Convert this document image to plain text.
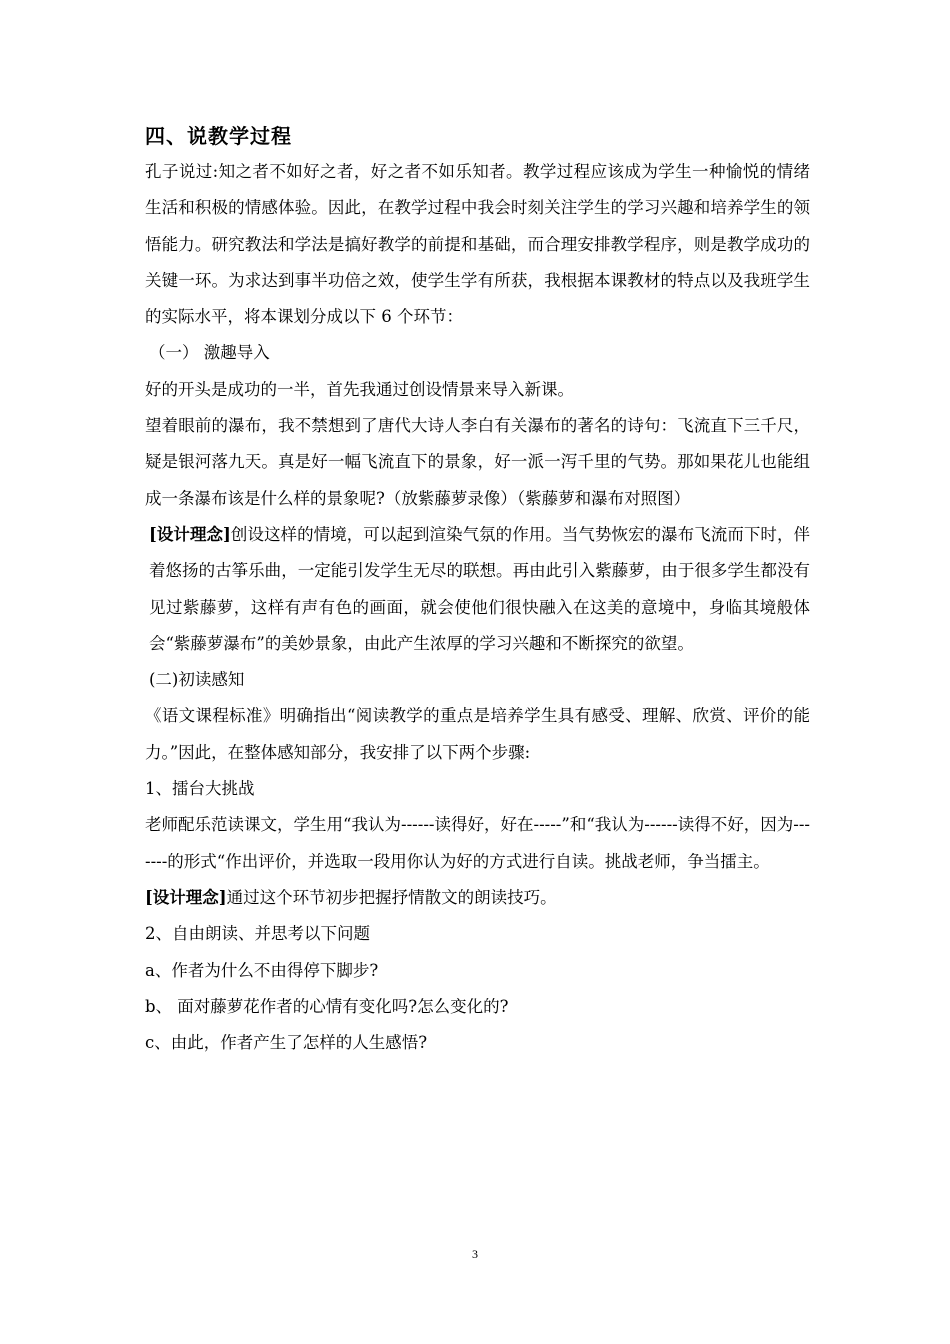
四、说教学过程

孔子说过:知之者不如好之者，好之者不如乐知者。教学过程应该成为学生一种愉悦的情绪生活和积极的情感体验。因此，在教学过程中我会时刻关注学生的学习兴趣和培养学生的领悟能力。研究教法和学法是搞好教学的前提和基础，而合理安排教学程序，则是教学成功的关键一环。为求达到事半功倍之效，使学生学有所获，我根据本课教材的特点以及我班学生的实际水平，将本课划分成以下 6 个环节：

（一） 激趣导入

好的开头是成功的一半，首先我通过创设情景来导入新课。

望着眼前的瀑布，我不禁想到了唐代大诗人李白有关瀑布的著名的诗句：飞流直下三千尺，疑是银河落九天。真是好一幅飞流直下的景象，好一派一泻千里的气势。那如果花儿也能组成一条瀑布该是什么样的景象呢?（放紫藤萝录像）（紫藤萝和瀑布对照图）

[设计理念]创设这样的情境，可以起到渲染气氛的作用。当气势恢宏的瀑布飞流而下时，伴着悠扬的古筝乐曲，一定能引发学生无尽的联想。再由此引入紫藤萝，由于很多学生都没有见过紫藤萝，这样有声有色的画面，就会使他们很快融入在这美的意境中，身临其境般体会“紫藤萝瀑布”的美妙景象，由此产生浓厚的学习兴趣和不断探究的欲望。

(二)初读感知

《语文课程标准》明确指出“阅读教学的重点是培养学生具有感受、理解、欣赏、评价的能力。”因此，在整体感知部分，我安排了以下两个步骤:

1、擂台大挑战

老师配乐范读课文，学生用“我认为------读得好，好在-----”和“我认为------读得不好，因为-------的形式“作出评价，并选取一段用你认为好的方式进行自读。挑战老师，争当擂主。

[设计理念]通过这个环节初步把握抒情散文的朗读技巧。

2、自由朗读、并思考以下问题

a、作者为什么不由得停下脚步?

b、 面对藤萝花作者的心情有变化吗?怎么变化的?

c、由此，作者产生了怎样的人生感悟?

3
